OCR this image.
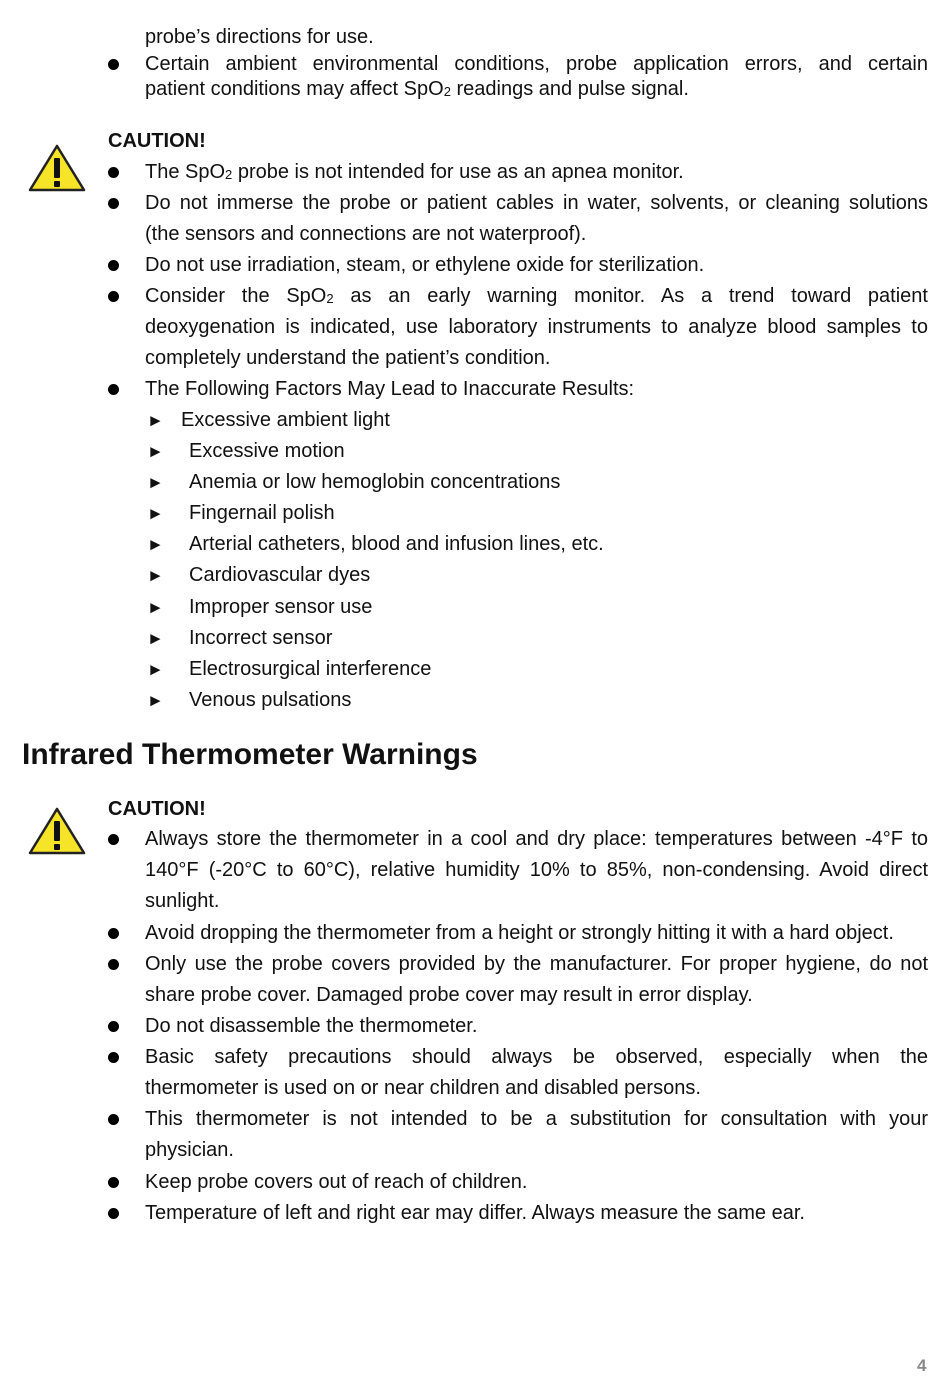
probe’s directions for use.
Certain ambient environmental conditions, probe application errors, and certain
patient conditions may affect SpO$_2$ readings and pulse signal.
CAUTION!
The SpO$_2$ probe is not intended for use as an apnea monitor.
Do not immerse the probe or patient cables in water, solvents, or cleaning solutions
(the sensors and connections are not waterproof).
Do not use irradiation, steam, or ethylene oxide for sterilization.
Consider the SpO$_2$ as an early warning monitor. As a trend toward patient
deoxygenation is indicated, use laboratory instruments to analyze blood samples to
completely understand the patient’s condition.
The Following Factors May Lead to Inaccurate Results:
► Excessive ambient light
► Excessive motion
► Anemia or low hemoglobin concentrations
► Fingernail polish
► Arterial catheters, blood and infusion lines, etc.
► Cardiovascular dyes
► Improper sensor use
► Incorrect sensor
► Electrosurgical interference
► Venous pulsations
Infrared Thermometer Warnings
CAUTION!
Always store the thermometer in a cool and dry place: temperatures between -4°F to
140°F (-20°C to 60°C), relative humidity 10% to 85%, non-condensing. Avoid direct
sunlight.
Avoid dropping the thermometer from a height or strongly hitting it with a hard object.
Only use the probe covers provided by the manufacturer. For proper hygiene, do not
share probe cover. Damaged probe cover may result in error display.
Do not disassemble the thermometer.
Basic safety precautions should always be observed, especially when the
thermometer is used on or near children and disabled persons.
This thermometer is not intended to be a substitution for consultation with your
physician.
Keep probe covers out of reach of children.
Temperature of left and right ear may differ. Always measure the same ear.
4
